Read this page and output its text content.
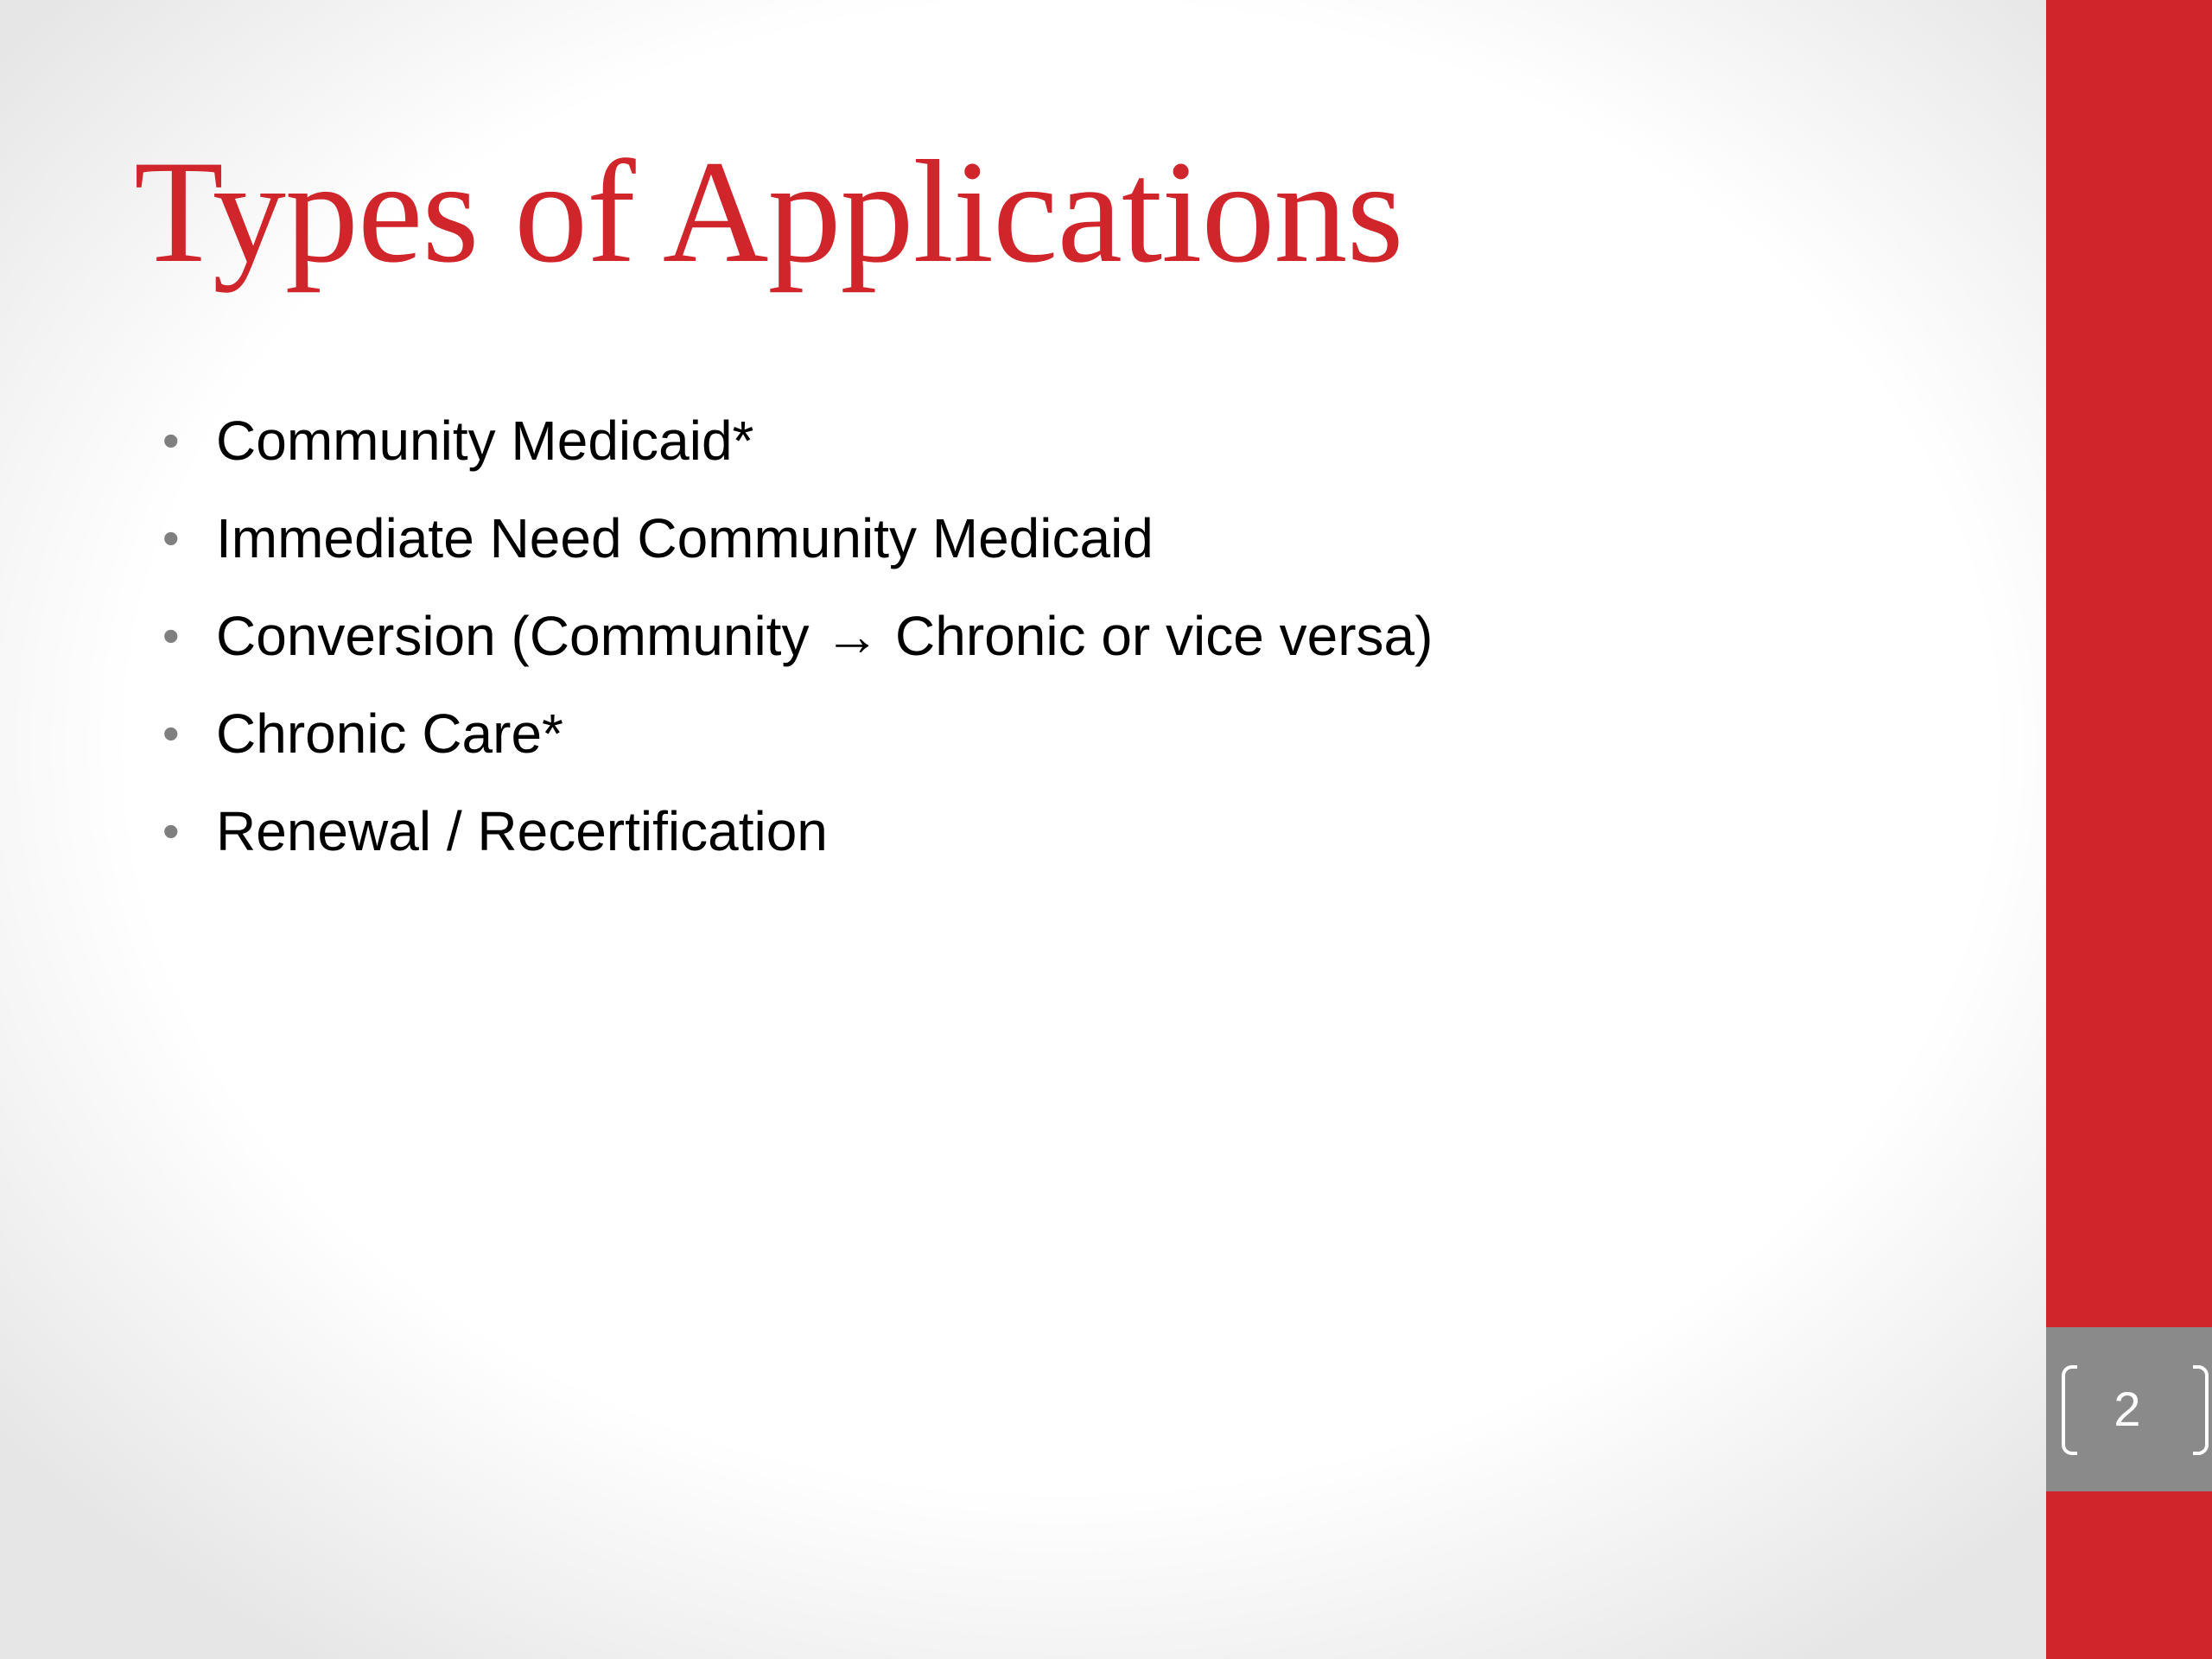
Types of Applications
• Community Medicaid*
• Immediate Need Community Medicaid
• Conversion (Community → Chronic or vice versa)
• Chronic Care*
• Renewal / Recertification
2
